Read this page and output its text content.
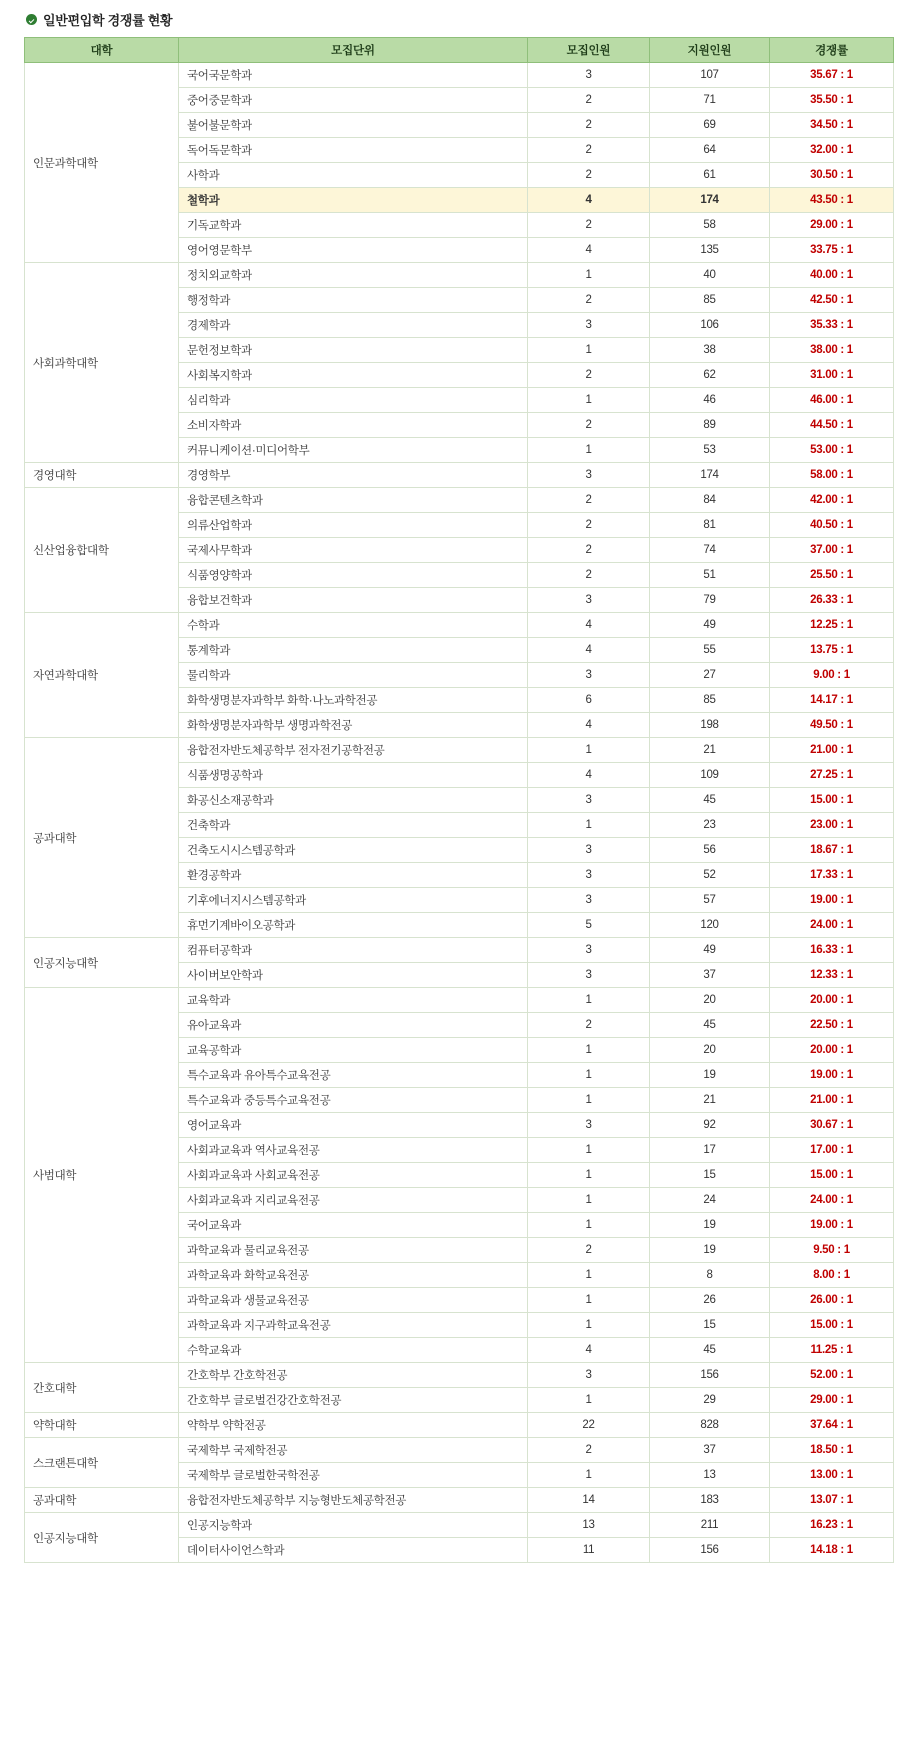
일반편입학 경쟁률 현황
대학	모집단위	모집인원	지원인원	경쟁률
인문과학대학	국어국문학과	3	107	35.67 : 1
	중어중문학과	2	71	35.50 : 1
	불어불문학과	2	69	34.50 : 1
	독어독문학과	2	64	32.00 : 1
	사학과	2	61	30.50 : 1
	철학과	4	174	43.50 : 1
	기독교학과	2	58	29.00 : 1
	영어영문학부	4	135	33.75 : 1
사회과학대학	정치외교학과	1	40	40.00 : 1
	행정학과	2	85	42.50 : 1
	경제학과	3	106	35.33 : 1
	문헌정보학과	1	38	38.00 : 1
	사회복지학과	2	62	31.00 : 1
	심리학과	1	46	46.00 : 1
	소비자학과	2	89	44.50 : 1
	커뮤니케이션·미디어학부	1	53	53.00 : 1
경영대학	경영학부	3	174	58.00 : 1
신산업융합대학	융합콘텐츠학과	2	84	42.00 : 1
	의류산업학과	2	81	40.50 : 1
	국제사무학과	2	74	37.00 : 1
	식품영양학과	2	51	25.50 : 1
	융합보건학과	3	79	26.33 : 1
자연과학대학	수학과	4	49	12.25 : 1
	통계학과	4	55	13.75 : 1
	물리학과	3	27	9.00 : 1
	화학생명분자과학부 화학·나노과학전공	6	85	14.17 : 1
	화학생명분자과학부 생명과학전공	4	198	49.50 : 1
공과대학	융합전자반도체공학부 전자전기공학전공	1	21	21.00 : 1
	식품생명공학과	4	109	27.25 : 1
	화공신소재공학과	3	45	15.00 : 1
	건축학과	1	23	23.00 : 1
	건축도시시스템공학과	3	56	18.67 : 1
	환경공학과	3	52	17.33 : 1
	기후에너지시스템공학과	3	57	19.00 : 1
	휴먼기계바이오공학과	5	120	24.00 : 1
인공지능대학	컴퓨터공학과	3	49	16.33 : 1
	사이버보안학과	3	37	12.33 : 1
사범대학	교육학과	1	20	20.00 : 1
	유아교육과	2	45	22.50 : 1
	교육공학과	1	20	20.00 : 1
	특수교육과 유아특수교육전공	1	19	19.00 : 1
	특수교육과 중등특수교육전공	1	21	21.00 : 1
	영어교육과	3	92	30.67 : 1
	사회과교육과 역사교육전공	1	17	17.00 : 1
	사회과교육과 사회교육전공	1	15	15.00 : 1
	사회과교육과 지리교육전공	1	24	24.00 : 1
	국어교육과	1	19	19.00 : 1
	과학교육과 물리교육전공	2	19	9.50 : 1
	과학교육과 화학교육전공	1	8	8.00 : 1
	과학교육과 생물교육전공	1	26	26.00 : 1
	과학교육과 지구과학교육전공	1	15	15.00 : 1
	수학교육과	4	45	11.25 : 1
간호대학	간호학부 간호학전공	3	156	52.00 : 1
	간호학부 글로벌건강간호학전공	1	29	29.00 : 1
약학대학	약학부 약학전공	22	828	37.64 : 1
스크랜튼대학	국제학부 국제학전공	2	37	18.50 : 1
	국제학부 글로벌한국학전공	1	13	13.00 : 1
공과대학	융합전자반도체공학부 지능형반도체공학전공	14	183	13.07 : 1
인공지능대학	인공지능학과	13	211	16.23 : 1
	데이터사이언스학과	11	156	14.18 : 1
